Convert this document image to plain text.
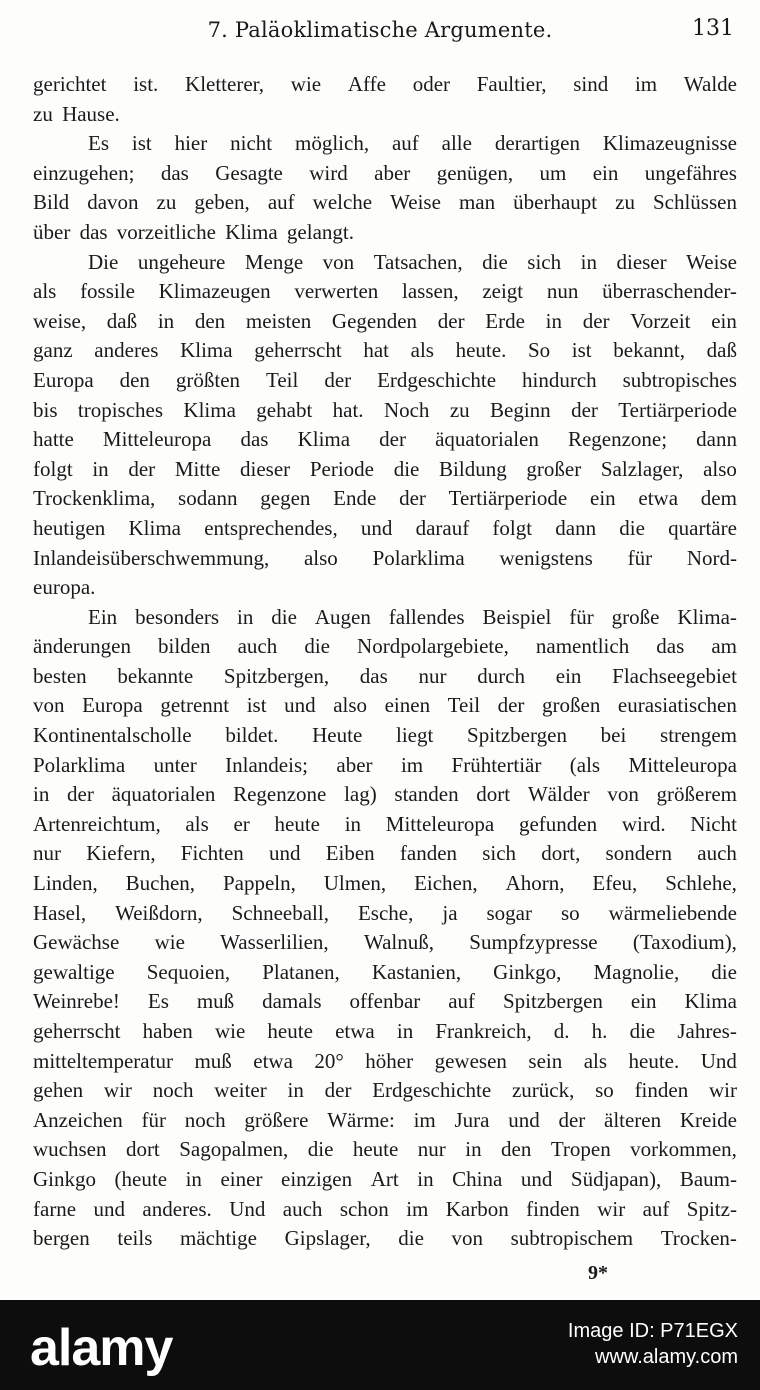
7. Paläoklimatische Argumente.	131
gerichtet ist. Kletterer, wie Affe oder Faultier, sind im Walde
zu Hause.
Es ist hier nicht möglich, auf alle derartigen Klimazeugnisse
einzugehen; das Gesagte wird aber genügen, um ein ungefähres
Bild davon zu geben, auf welche Weise man überhaupt zu Schlüssen
über das vorzeitliche Klima gelangt.
Die ungeheure Menge von Tatsachen, die sich in dieser Weise
als fossile Klimazeugen verwerten lassen, zeigt nun überraschender-
weise, daß in den meisten Gegenden der Erde in der Vorzeit ein
ganz anderes Klima geherrscht hat als heute. So ist bekannt, daß
Europa den größten Teil der Erdgeschichte hindurch subtropisches
bis tropisches Klima gehabt hat. Noch zu Beginn der Tertiärperiode
hatte Mitteleuropa das Klima der äquatorialen Regenzone; dann
folgt in der Mitte dieser Periode die Bildung großer Salzlager, also
Trockenklima, sodann gegen Ende der Tertiärperiode ein etwa dem
heutigen Klima entsprechendes, und darauf folgt dann die quartäre
Inlandeisüberschwemmung, also Polarklima wenigstens für Nord-
europa.
Ein besonders in die Augen fallendes Beispiel für große Klima-
änderungen bilden auch die Nordpolargebiete, namentlich das am
besten bekannte Spitzbergen, das nur durch ein Flachseegebiet
von Europa getrennt ist und also einen Teil der großen eurasiatischen
Kontinentalscholle bildet. Heute liegt Spitzbergen bei strengem
Polarklima unter Inlandeis; aber im Frühtertiär (als Mitteleuropa
in der äquatorialen Regenzone lag) standen dort Wälder von größerem
Artenreichtum, als er heute in Mitteleuropa gefunden wird. Nicht
nur Kiefern, Fichten und Eiben fanden sich dort, sondern auch
Linden, Buchen, Pappeln, Ulmen, Eichen, Ahorn, Efeu, Schlehe,
Hasel, Weißdorn, Schneeball, Esche, ja sogar so wärmeliebende
Gewächse wie Wasserlilien, Walnuß, Sumpfzypresse (Taxodium),
gewaltige Sequoien, Platanen, Kastanien, Ginkgo, Magnolie, die
Weinrebe! Es muß damals offenbar auf Spitzbergen ein Klima
geherrscht haben wie heute etwa in Frankreich, d. h. die Jahres-
mitteltemperatur muß etwa 20° höher gewesen sein als heute. Und
gehen wir noch weiter in der Erdgeschichte zurück, so finden wir
Anzeichen für noch größere Wärme: im Jura und der älteren Kreide
wuchsen dort Sagopalmen, die heute nur in den Tropen vorkommen,
Ginkgo (heute in einer einzigen Art in China und Südjapan), Baum-
farne und anderes. Und auch schon im Karbon finden wir auf Spitz-
bergen teils mächtige Gipslager, die von subtropischem Trocken-
9*
alamy	Image ID: P71EGX
www.alamy.com
